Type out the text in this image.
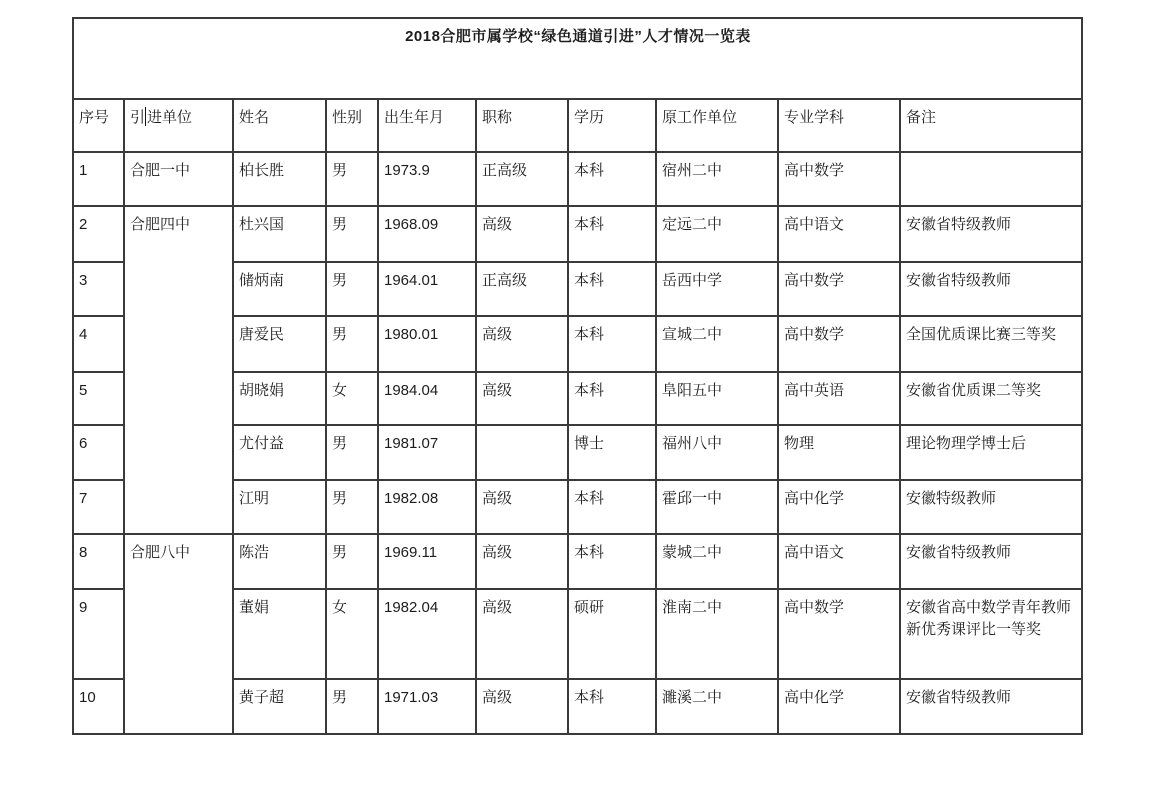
2018合肥市属学校“绿色通道引进”人才情况一览表									
序号	引 进单位	姓名	性别	出生年月	职称	学历	原工作单位	专业学科	备注
1	合肥一中	柏长胜	男	1973.9	正高级	本科	宿州二中	高中数学	
2	合肥四中	杜兴国	男	1968.09	高级	本科	定远二中	高中语文	安徽省特级教师
3		储炳南	男	1964.01	正高级	本科	岳西中学	高中数学	安徽省特级教师
4		唐爱民	男	1980.01	高级	本科	宣城二中	高中数学	全国优质课比赛三等奖
5		胡晓娟	女	1984.04	高级	本科	阜阳五中	高中英语	安徽省优质课二等奖
6		尤付益	男	1981.07		博士	福州八中	物理	理论物理学博士后
7		江明	男	1982.08	高级	本科	霍邱一中	高中化学	安徽特级教师
8	合肥八中	陈浩	男	1969.11	高级	本科	蒙城二中	高中语文	安徽省特级教师
9		董娟	女	1982.04	高级	硕研	淮南二中	高中数学	安徽省高中数学青年教师新优秀课评比一等奖
10		黄子超	男	1971.03	高级	本科	濉溪二中	高中化学	安徽省特级教师
